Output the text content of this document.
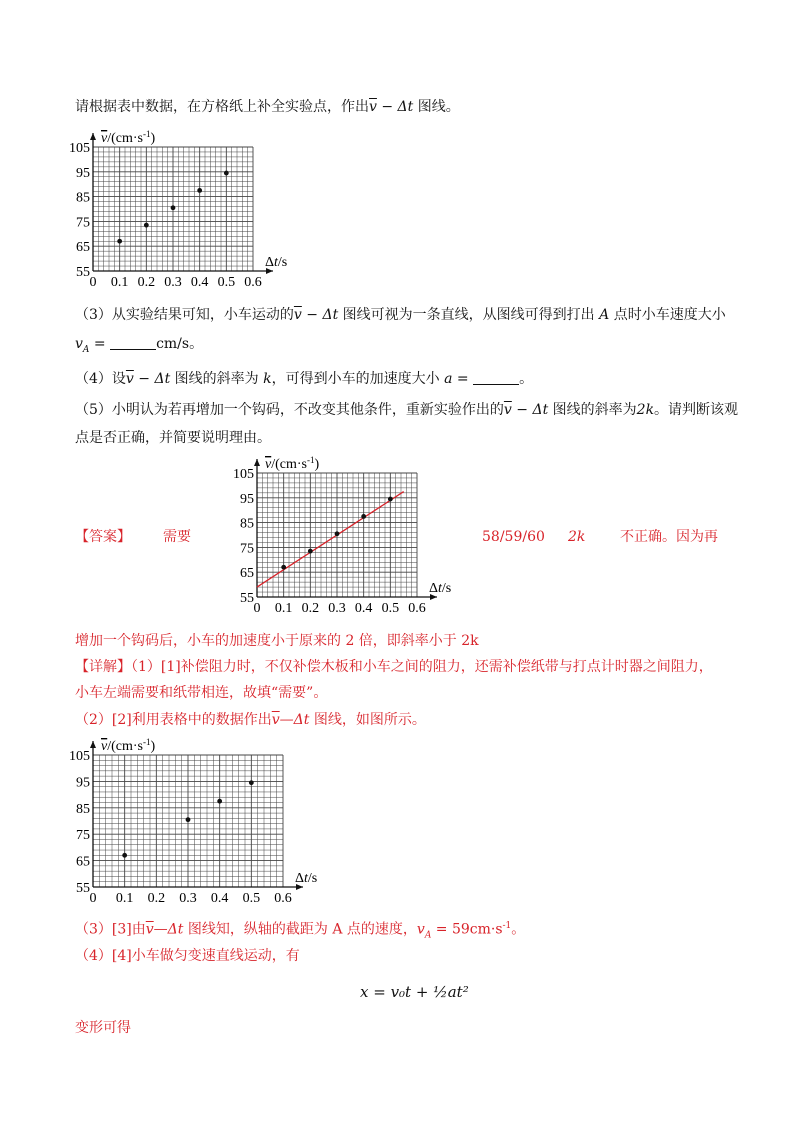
请根据表中数据，在方格纸上补全实验点，作出$\overline{v} - \Delta t$ 图线。
105
95
85
75
65
55
0 0.1 0.2 0.3 0.4 0.5 0.6
$v/(cm\cdot s^{-1})$
Δt/s
（3）从实验结果可知，小车运动的$\overline{v} - \Delta t$ 图线可视为一条直线，从图线可得到打出 A 点时小车速度大小
$v_A$ =	cm/s。
（4）设$\overline{v} - \Delta t$ 图线的斜率为 k，可得到小车的加速度大小 a =	。
（5）小明认为若再增加一个钩码，不改变其他条件，重新实验作出的$\overline{v} - \Delta t$ 图线的斜率为2k。请判断该观
点是否正确，并简要说明理由。
105
95
85
75
65
55
0 0.1 0.2 0.3 0.4 0.5 0.6
$v/(cm\cdot s^{-1})$
Δt/s
【答案】 需要	58/59/60 2k 不正确。因为再
增加一个钩码后，小车的加速度小于原来的 2 倍，即斜率小于 2k
【详解】（1）[1]补偿阻力时，不仅补偿木板和小车之间的阻力，还需补偿纸带与打点计时器之间阻力，
小车左端需要和纸带相连，故填“需要”。
（2）[2]利用表格中的数据作出$\overline{v}—\Delta t$ 图线，如图所示。
105
95
85
75
65
55
0 0.1 0.2 0.3 0.4 0.5 0.6
$v/(cm\cdot s^{-1})$
Δt/s
（3）[3]由$\overline{v}—\Delta t$ 图线知，纵轴的截距为 A 点的速度，$v_A = 59cm\cdot s^{-1}$。
（4）[4]小车做匀变速直线运动，有
x = v₀t + ½at²
变形可得
